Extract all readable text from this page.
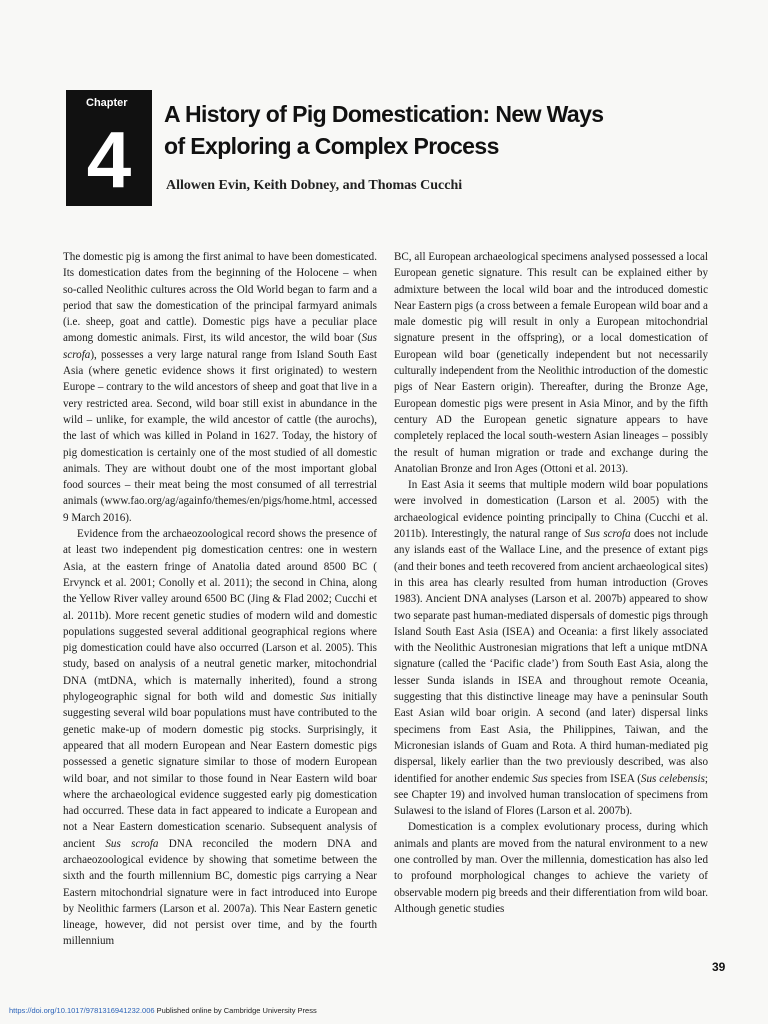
Chapter
4
A History of Pig Domestication: New Ways
of Exploring a Complex Process

Allowen Evin, Keith Dobney, and Thomas Cucchi

The domestic pig is among the first animal to have been domesticated. Its domestication dates from the beginning of the Holocene – when so-called Neolithic cultures across the Old World began to farm and a period that saw the domestication of the principal farmyard animals (i.e. sheep, goat and cattle). Domestic pigs have a peculiar place among domestic animals. First, its wild ancestor, the wild boar (Sus scrofa), possesses a very large natural range from Island South East Asia (where genetic evidence shows it first originated) to western Europe – contrary to the wild ancestors of sheep and goat that live in a very restricted area. Second, wild boar still exist in abundance in the wild – unlike, for example, the wild ancestor of cattle (the aurochs), the last of which was killed in Poland in 1627. Today, the history of pig domestication is certainly one of the most studied of all domestic animals. They are without doubt one of the most important global food sources – their meat being the most consumed of all terrestrial animals (www.fao.org/ag/againfo/themes/en/pigs/home.html, accessed 9 March 2016).

Evidence from the archaeozoological record shows the presence of at least two independent pig domestication centres: one in western Asia, at the eastern fringe of Anatolia dated around 8500 BC ( Ervynck et al. 2001; Conolly et al. 2011); the second in China, along the Yellow River valley around 6500 BC (Jing & Flad 2002; Cucchi et al. 2011b). More recent genetic studies of modern wild and domestic populations suggested several additional geographical regions where pig domestication could have also occurred (Larson et al. 2005). This study, based on analysis of a neutral genetic marker, mitochondrial DNA (mtDNA, which is maternally inherited), found a strong phylogeographic signal for both wild and domestic Sus initially suggesting several wild boar populations must have contributed to the genetic make-up of modern domestic pig stocks. Surprisingly, it appeared that all modern European and Near Eastern domestic pigs possessed a genetic signature similar to those of modern European wild boar, and not similar to those found in Near Eastern wild boar where the archaeological evidence suggested early pig domestication had occurred. These data in fact appeared to indicate a European and not a Near Eastern domestication scenario. Subsequent analysis of ancient Sus scrofa DNA reconciled the modern DNA and archaeozoological evidence by showing that sometime between the sixth and the fourth millennium BC, domestic pigs carrying a Near Eastern mitochondrial signature were in fact introduced into Europe by Neolithic farmers (Larson et al. 2007a). This Near Eastern genetic lineage, however, did not persist over time, and by the fourth millennium

BC, all European archaeological specimens analysed possessed a local European genetic signature. This result can be explained either by admixture between the local wild boar and the introduced domestic Near Eastern pigs (a cross between a female European wild boar and a male domestic pig will result in only a European mitochondrial signature present in the offspring), or a local domestication of European wild boar (genetically independent but not necessarily culturally independent from the Neolithic introduction of the domestic pigs of Near Eastern origin). Thereafter, during the Bronze Age, European domestic pigs were present in Asia Minor, and by the fifth century AD the European genetic signature appears to have completely replaced the local south-western Asian lineages – possibly the result of human migration or trade and exchange during the Anatolian Bronze and Iron Ages (Ottoni et al. 2013).

In East Asia it seems that multiple modern wild boar populations were involved in domestication (Larson et al. 2005) with the archaeological evidence pointing principally to China (Cucchi et al. 2011b). Interestingly, the natural range of Sus scrofa does not include any islands east of the Wallace Line, and the presence of extant pigs (and their bones and teeth recovered from ancient archaeological sites) in this area has clearly resulted from human introduction (Groves 1983). Ancient DNA analyses (Larson et al. 2007b) appeared to show two separate past human-mediated dispersals of domestic pigs through Island South East Asia (ISEA) and Oceania: a first likely associated with the Neolithic Austronesian migrations that left a unique mtDNA signature (called the ‘Pacific clade’) from South East Asia, along the lesser Sunda islands in ISEA and throughout remote Oceania, suggesting that this distinctive lineage may have a peninsular South East Asian wild boar origin. A second (and later) dispersal links specimens from East Asia, the Philippines, Taiwan, and the Micronesian islands of Guam and Rota. A third human-mediated pig dispersal, likely earlier than the two previously described, was also identified for another endemic Sus species from ISEA (Sus celebensis; see Chapter 19) and involved human translocation of specimens from Sulawesi to the island of Flores (Larson et al. 2007b).

Domestication is a complex evolutionary process, during which animals and plants are moved from the natural environment to a new one controlled by man. Over the millennia, domestication has also led to profound morphological changes to achieve the variety of observable modern pig breeds and their differentiation from wild boar. Although genetic studies

39
https://doi.org/10.1017/9781316941232.006 Published online by Cambridge University Press
